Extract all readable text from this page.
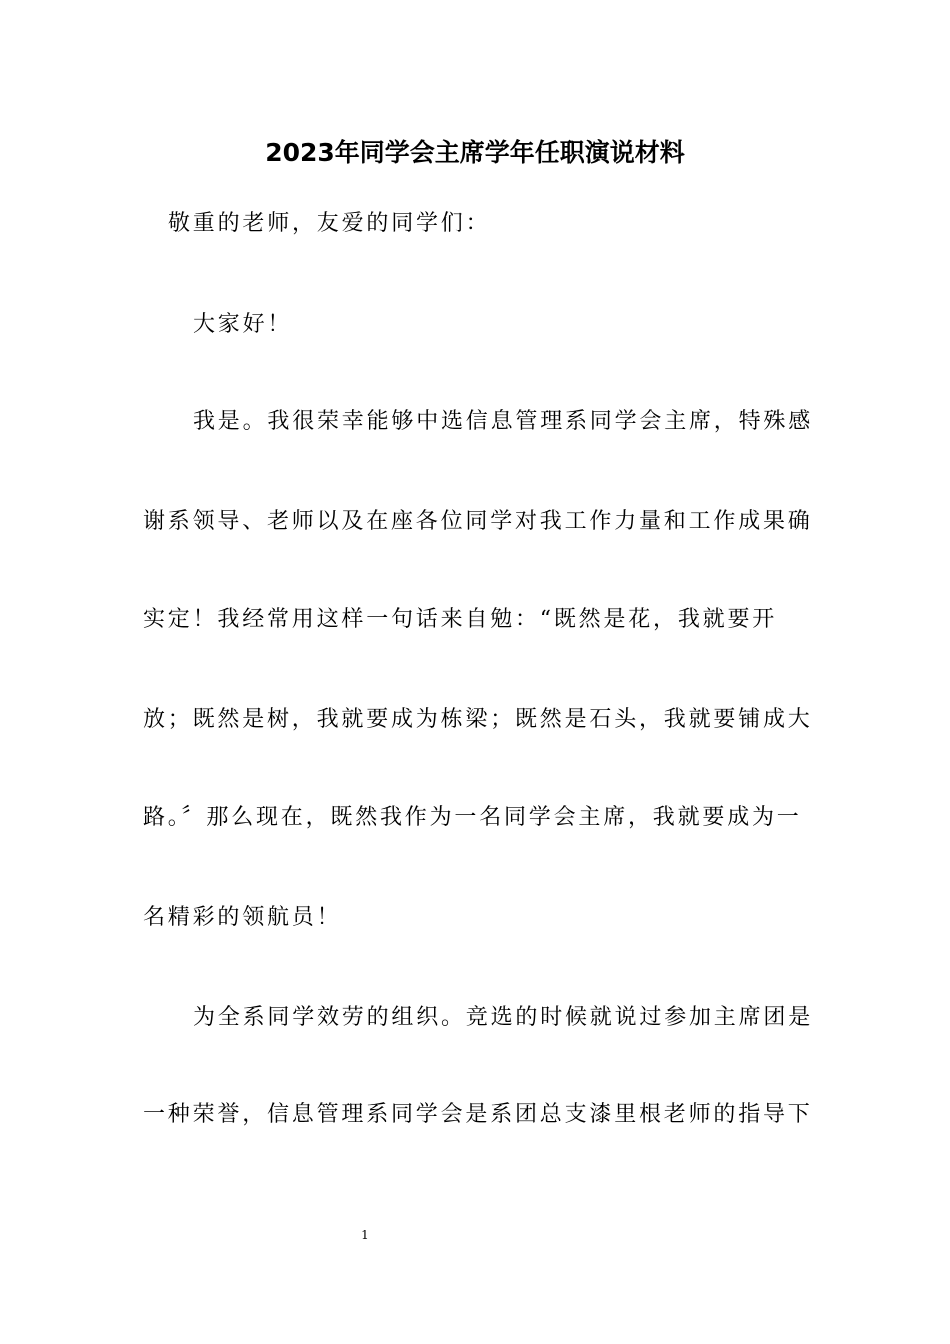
2023年同学会主席学年任职演说材料
敬重的老师，友爱的同学们：
大家好！
我是。我很荣幸能够中选信息管理系同学会主席，特殊感
谢系领导、老师以及在座各位同学对我工作力量和工作成果确
实定！我经常用这样一句话来自勉：“既然是花，我就要开
放；既然是树，我就要成为栋梁；既然是石头，我就要铺成大
路。〞那么现在，既然我作为一名同学会主席，我就要成为一
名精彩的领航员！
为全系同学效劳的组织。竞选的时候就说过参加主席团是
一种荣誉，信息管理系同学会是系团总支漆里根老师的指导下
1
